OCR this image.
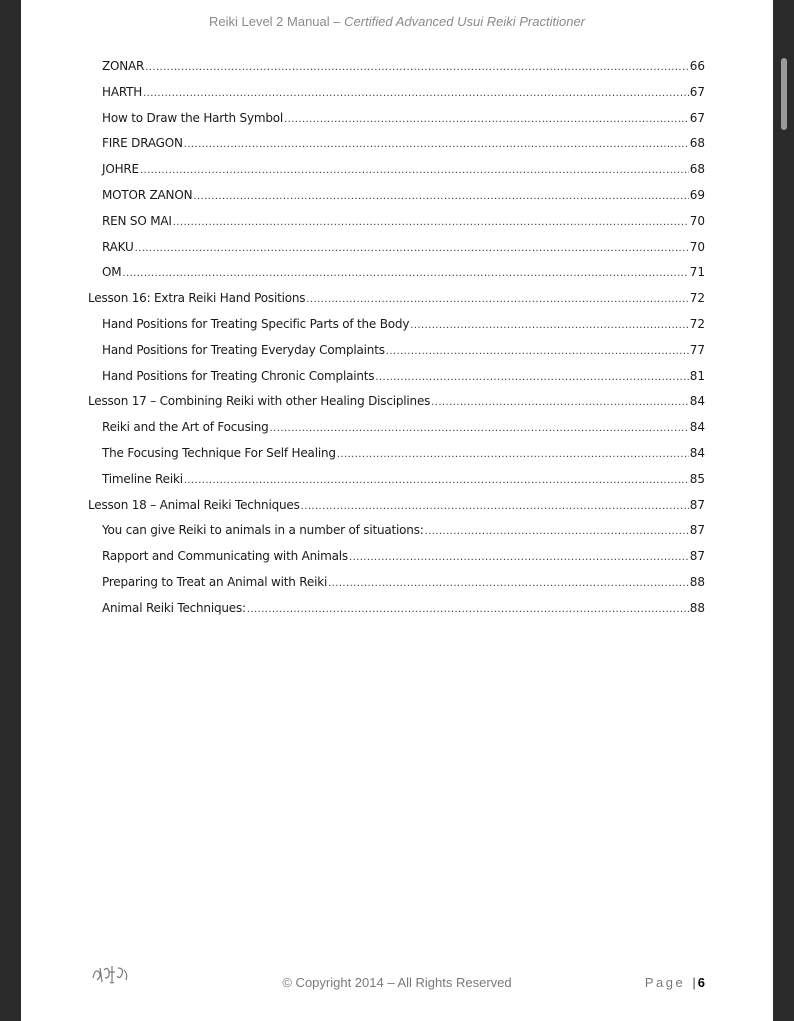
Reiki Level 2 Manual – Certified Advanced Usui Reiki Practitioner
ZONAR .....	66
HARTH .....	67
How to Draw the Harth Symbol .....	67
FIRE DRAGON .....	68
JOHRE .....	68
MOTOR ZANON .....	69
REN SO MAI .....	70
RAKU .....	70
OM .....	71
Lesson 16: Extra Reiki Hand Positions .....	72
Hand Positions for Treating Specific Parts of the Body .....	72
Hand Positions for Treating Everyday Complaints .....	77
Hand Positions for Treating Chronic Complaints .....	81
Lesson 17 – Combining Reiki with other Healing Disciplines .....	84
Reiki and the Art of Focusing .....	84
The Focusing Technique For Self Healing .....	84
Timeline Reiki .....	85
Lesson 18 – Animal Reiki Techniques .....	87
You can give Reiki to animals in a number of situations: .....	87
Rapport and Communicating with Animals .....	87
Preparing to Treat an Animal with Reiki .....	88
Animal Reiki Techniques: .....	88
© Copyright 2014 – All Rights Reserved	Page | 6
